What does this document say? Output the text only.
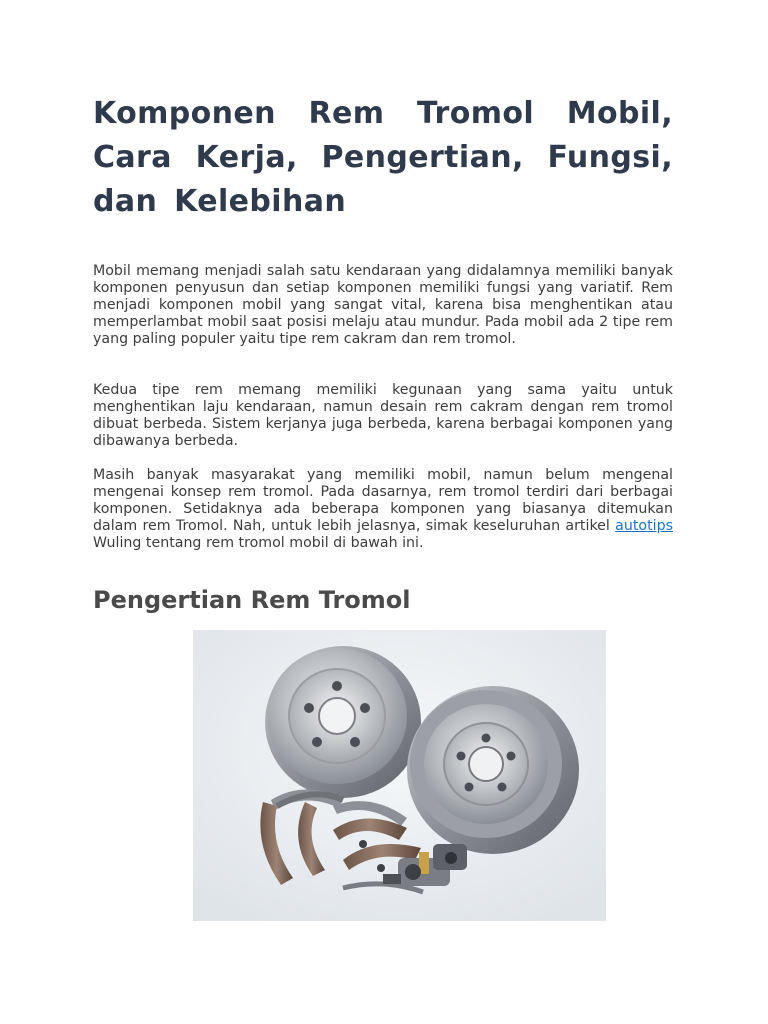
Komponen Rem Tromol Mobil, Cara Kerja, Pengertian, Fungsi, dan Kelebihan

Mobil memang menjadi salah satu kendaraan yang didalamnya memiliki banyak komponen penyusun dan setiap komponen memiliki fungsi yang variatif. Rem menjadi komponen mobil yang sangat vital, karena bisa menghentikan atau memperlambat mobil saat posisi melaju atau mundur. Pada mobil ada 2 tipe rem yang paling populer yaitu tipe rem cakram dan rem tromol.

Kedua tipe rem memang memiliki kegunaan yang sama yaitu untuk menghentikan laju kendaraan, namun desain rem cakram dengan rem tromol dibuat berbeda. Sistem kerjanya juga berbeda, karena berbagai komponen yang dibawanya berbeda.

Masih banyak masyarakat yang memiliki mobil, namun belum mengenal mengenai konsep rem tromol. Pada dasarnya, rem tromol terdiri dari berbagai komponen. Setidaknya ada beberapa komponen yang biasanya ditemukan dalam rem Tromol. Nah, untuk lebih jelasnya, simak keseluruhan artikel autotips Wuling tentang rem tromol mobil di bawah ini.

Pengertian Rem Tromol
